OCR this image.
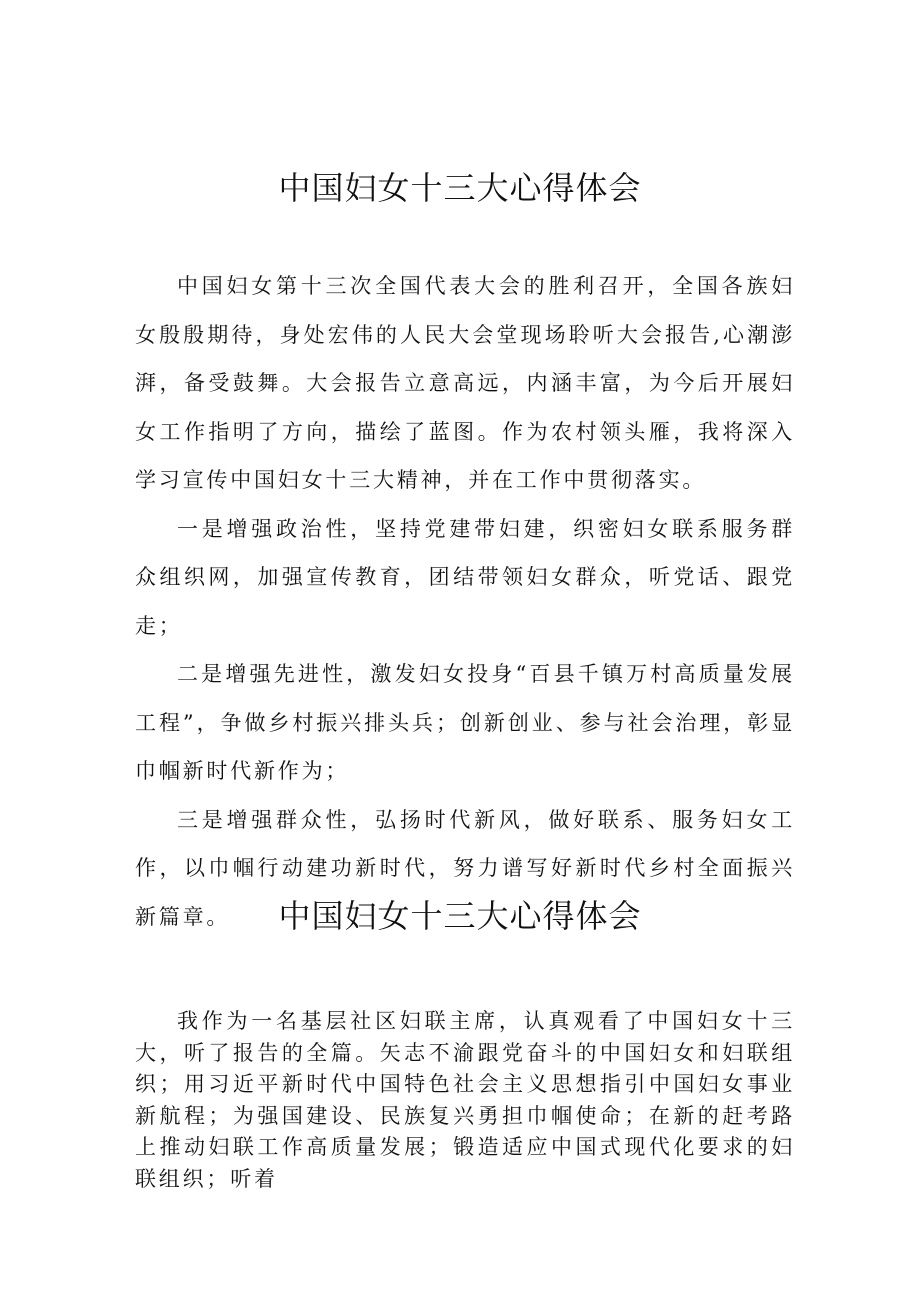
中国妇女十三大心得体会

中国妇女第十三次全国代表大会的胜利召开，全国各族妇女殷殷期待，身处宏伟的人民大会堂现场聆听大会报告,心潮澎湃，备受鼓舞。大会报告立意高远，内涵丰富，为今后开展妇女工作指明了方向，描绘了蓝图。作为农村领头雁，我将深入学习宣传中国妇女十三大精神，并在工作中贯彻落实。

一是增强政治性，坚持党建带妇建，织密妇女联系服务群众组织网，加强宣传教育，团结带领妇女群众，听党话、跟党走；

二是增强先进性，激发妇女投身“百县千镇万村高质量发展工程”，争做乡村振兴排头兵；创新创业、参与社会治理，彰显巾帼新时代新作为；

三是增强群众性，弘扬时代新风，做好联系、服务妇女工作，以巾帼行动建功新时代，努力谱写好新时代乡村全面振兴新篇章。	中国妇女十三大心得体会

我作为一名基层社区妇联主席，认真观看了中国妇女十三大，听了报告的全篇。矢志不渝跟党奋斗的中国妇女和妇联组织；用习近平新时代中国特色社会主义思想指引中国妇女事业新航程；为强国建设、民族复兴勇担巾帼使命；在新的赶考路上推动妇联工作高质量发展；锻造适应中国式现代化要求的妇联组织；听着
